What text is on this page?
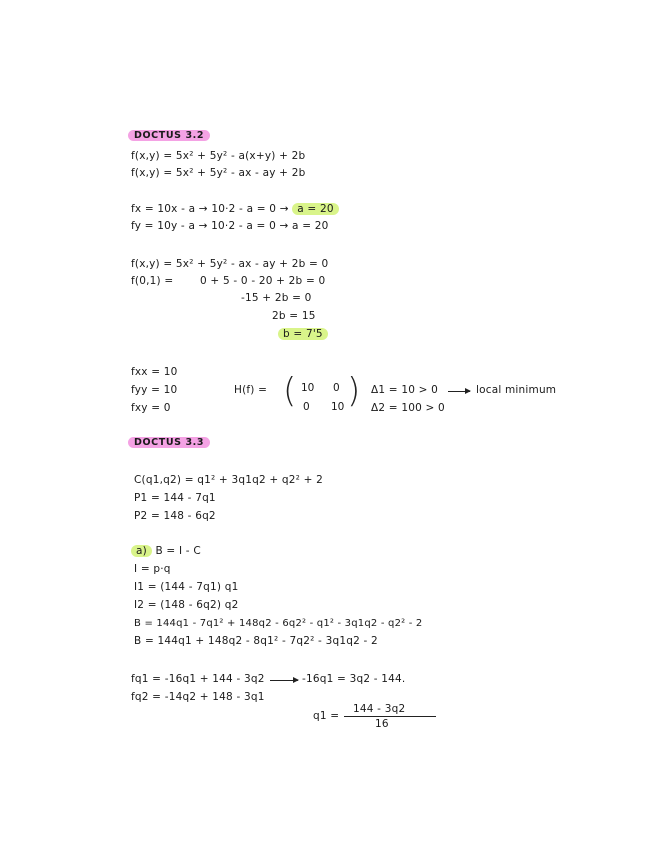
DOCTUS 3.2
f(x,y) = 5x² + 5y² - a(x+y) + 2b
f(x,y) = 5x² + 5y² - ax - ay + 2b
fx = 10x - a → 10·2 - a = 0 → a = 20
fy = 10y - a → 10·2 - a = 0 → a = 20
f(x,y) = 5x² + 5y² - ax - ay + 2b = 0
f(0,1) =	0 + 5 - 0 - 20 + 2b = 0
-15 + 2b = 0
2b = 15
b = 7'5
fxx = 10
fyy = 10
fxy = 0
H(f) = ( 10 0
0 10 ) Δ1 = 10 > 0	local minimum
Δ2 = 100 > 0
DOCTUS 3.3
C(q1,q2) = q1² + 3q1q2 + q2² + 2
P1 = 144 - 7q1
P2 = 148 - 6q2
a) B = I - C
I = p·q
I1 = (144 - 7q1) q1
I2 = (148 - 6q2) q2
B = 144q1 - 7q1² + 148q2 - 6q2² - q1² - 3q1q2 - q2² - 2
B = 144q1 + 148q2 - 8q1² - 7q2² - 3q1q2 - 2
fq1 = -16q1 + 144 - 3q2	-16q1 = 3q2 - 144.
fq2 = -14q2 + 148 - 3q1
q1 =
144 - 3q2
16
